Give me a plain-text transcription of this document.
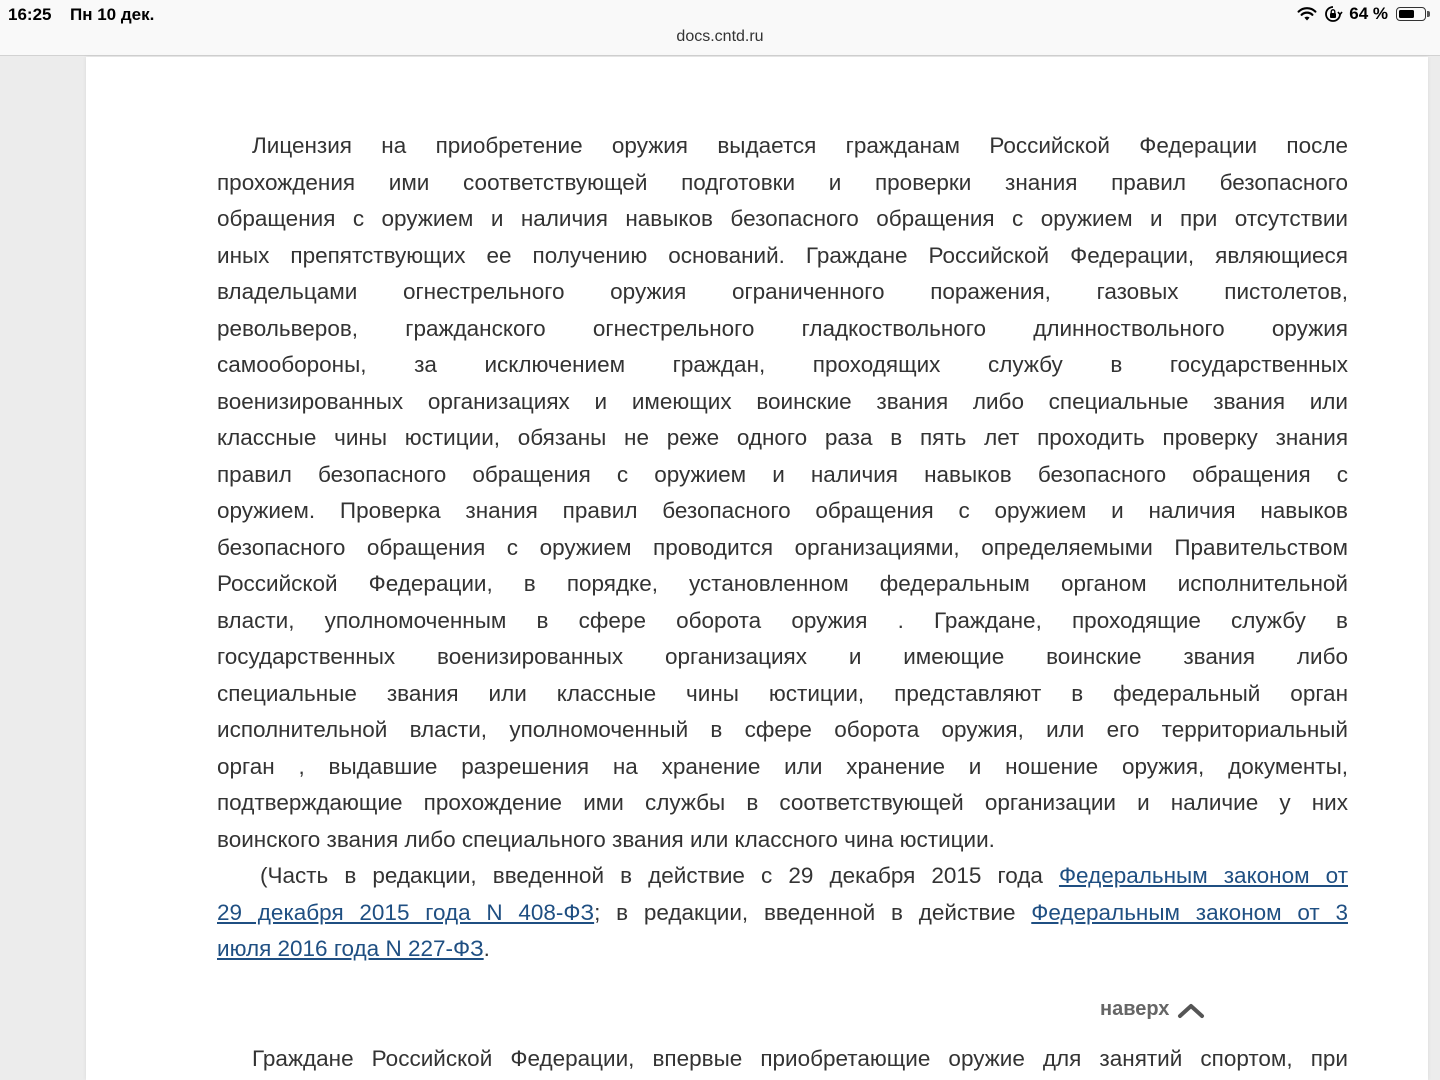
16:25 Пн 10 дек.	64 %
docs.cntd.ru
Лицензия на приобретение оружия выдается гражданам Российской Федерации после
прохождения ими соответствующей подготовки и проверки знания правил безопасного
обращения с оружием и наличия навыков безопасного обращения с оружием и при отсутствии
иных препятствующих ее получению оснований. Граждане Российской Федерации, являющиеся
владельцами огнестрельного оружия ограниченного поражения, газовых пистолетов,
револьверов, гражданского огнестрельного гладкоствольного длинноствольного оружия
самообороны, за исключением граждан, проходящих службу в государственных
военизированных организациях и имеющих воинские звания либо специальные звания или
классные чины юстиции, обязаны не реже одного раза в пять лет проходить проверку знания
правил безопасного обращения с оружием и наличия навыков безопасного обращения с
оружием. Проверка знания правил безопасного обращения с оружием и наличия навыков
безопасного обращения с оружием проводится организациями, определяемыми Правительством
Российской Федерации, в порядке, установленном федеральным органом исполнительной
власти, уполномоченным в сфере оборота оружия . Граждане, проходящие службу в
государственных военизированных организациях и имеющие воинские звания либо
специальные звания или классные чины юстиции, представляют в федеральный орган
исполнительной власти, уполномоченный в сфере оборота оружия, или его территориальный
орган , выдавшие разрешения на хранение или хранение и ношение оружия, документы,
подтверждающие прохождение ими службы в соответствующей организации и наличие у них
воинского звания либо специального звания или классного чина юстиции.
(Часть в редакции, введенной в действие с 29 декабря 2015 года Федеральным законом от
29 декабря 2015 года N 408-ФЗ; в редакции, введенной в действие Федеральным законом от 3
июля 2016 года N 227-ФЗ.
наверх
Граждане Российской Федерации, впервые приобретающие оружие для занятий спортом, при
